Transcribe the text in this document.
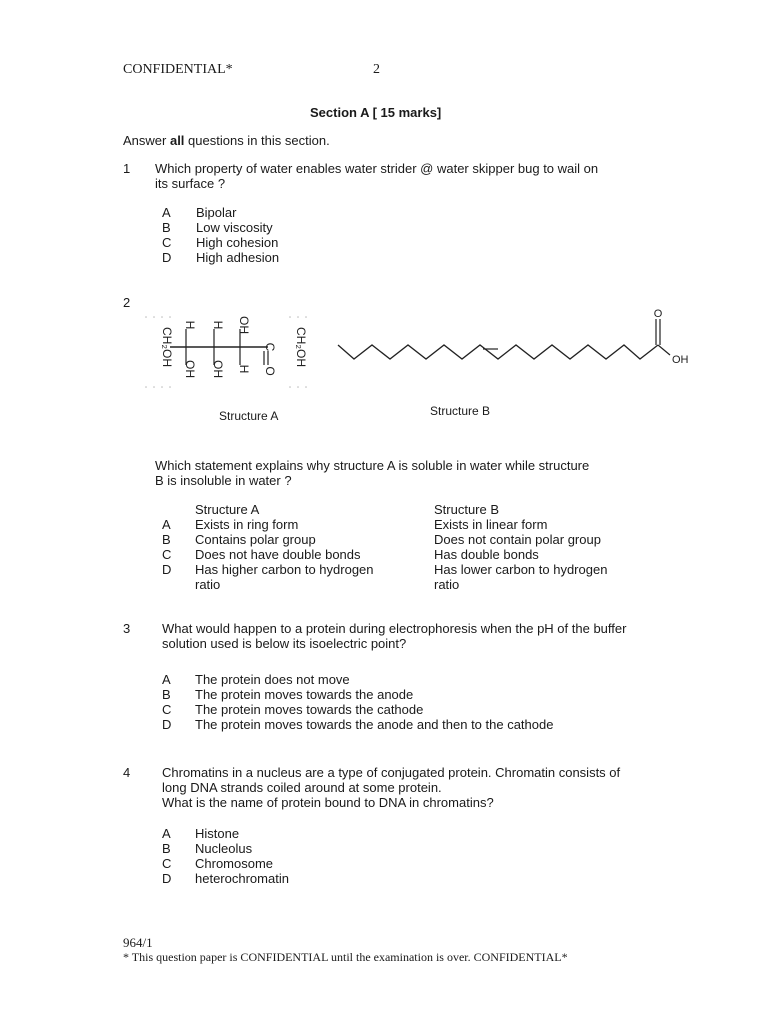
CONFIDENTIAL*	2
Section A [ 15 marks]
Answer all questions in this section.
1 Which property of water enables water strider @ water skipper bug to wail on
its surface ?
A Bipolar
B Low viscosity
C High cohesion
D High adhesion
2
CH₂OH
H
OH
H
OH
OH
H
C
O
CH₂OH
Structure A
O
OH
Structure B
Which statement explains why structure A is soluble in water while structure
B is insoluble in water ?
Structure A	Structure B
A Exists in ring form	Exists in linear form
B Contains polar group	Does not contain polar group
C Does not have double bonds	Has double bonds
D Has higher carbon to hydrogen	Has lower carbon to hydrogen
ratio	ratio
3 What would happen to a protein during electrophoresis when the pH of the buffer
solution used is below its isoelectric point?
A The protein does not move
B The protein moves towards the anode
C The protein moves towards the cathode
D The protein moves towards the anode and then to the cathode
4 Chromatins in a nucleus are a type of conjugated protein. Chromatin consists of
long DNA strands coiled around at some protein.
What is the name of protein bound to DNA in chromatins?
A Histone
B Nucleolus
C Chromosome
D heterochromatin
964/1
* This question paper is CONFIDENTIAL until the examination is over. CONFIDENTIAL*
